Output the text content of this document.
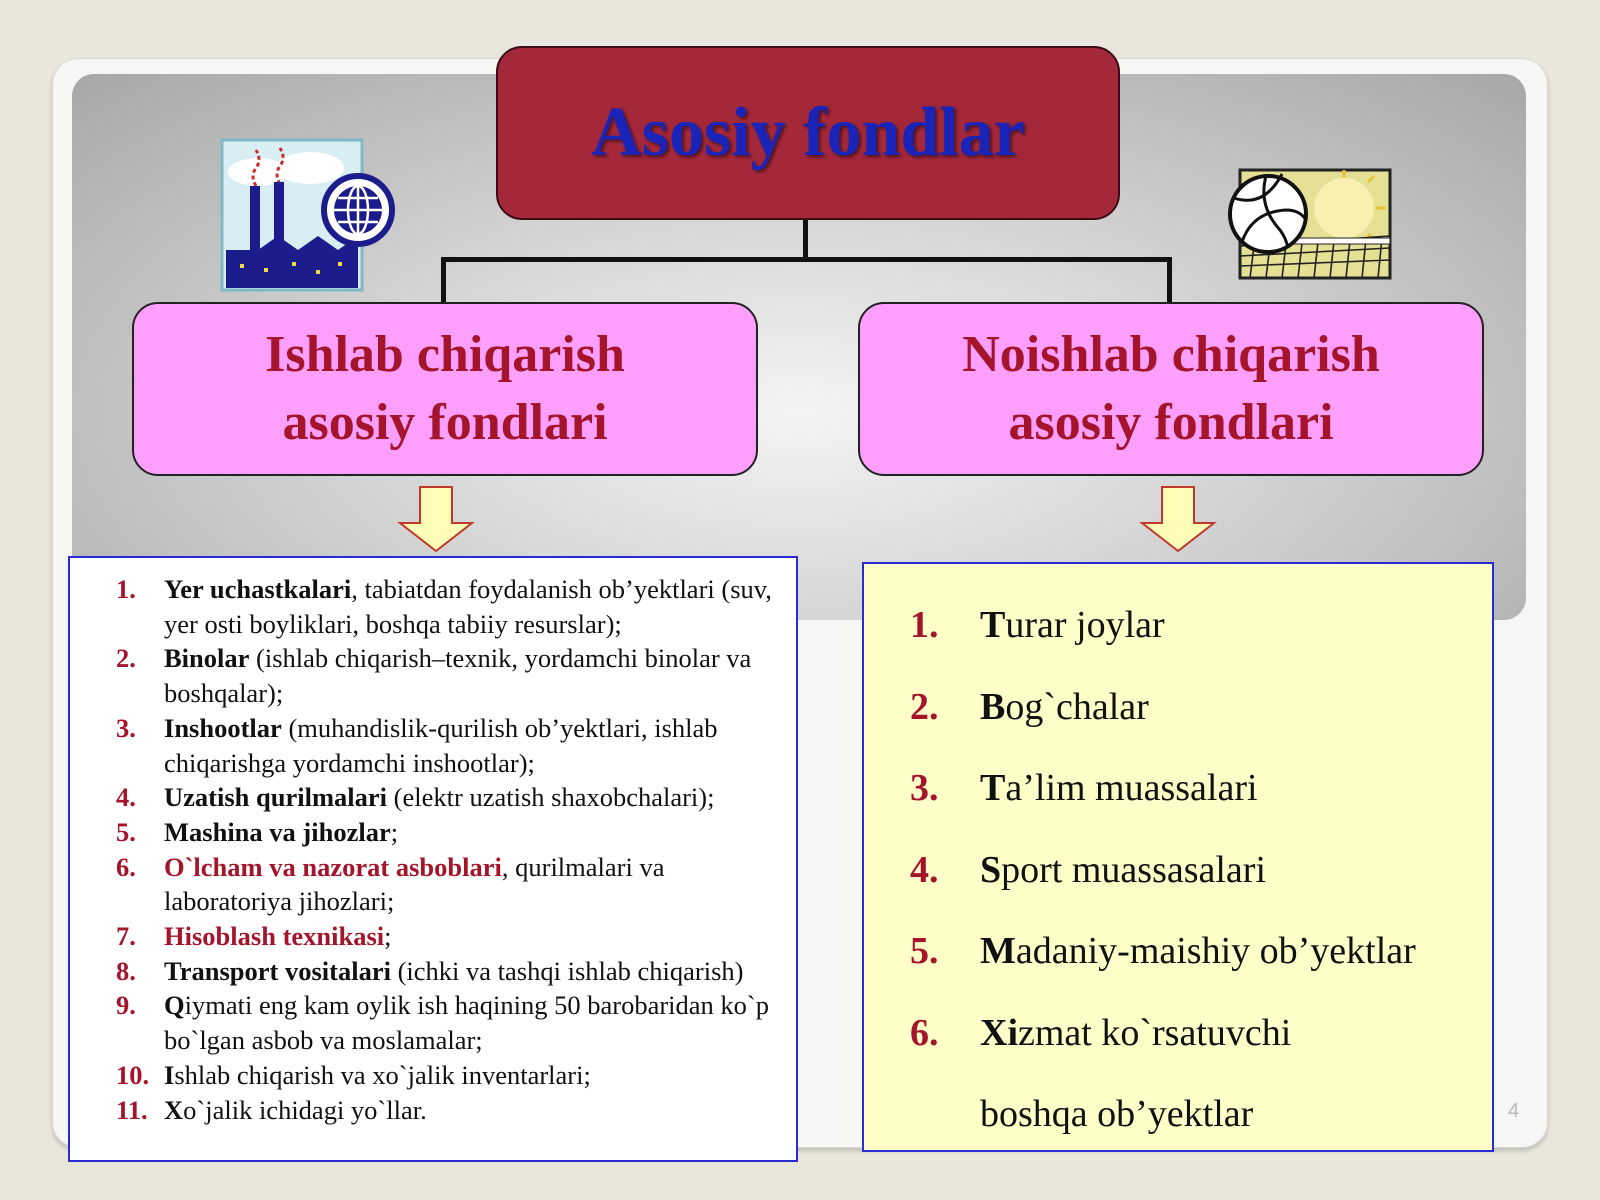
Asosiy fondlar
Ishlab chiqarish
asosiy fondlari
Noishlab chiqarish
asosiy fondlari
1.	Yer uchastkalari, tabiatdan foydalanish ob’yektlari (suv, yer osti boyliklari, boshqa tabiiy resurslar);
2.	Binolar (ishlab chiqarish–texnik, yordamchi binolar va boshqalar);
3.	Inshootlar (muhandislik-qurilish ob’yektlari, ishlab chiqarishga yordamchi inshootlar);
4.	Uzatish qurilmalari (elektr uzatish shaxobchalari);
5.	Mashina va jihozlar;
6.	O`lcham va nazorat asboblari, qurilmalari va laboratoriya jihozlari;
7.	Hisoblash texnikasi;
8.	Transport vositalari (ichki va tashqi ishlab chiqarish)
9.	Qiymati eng kam oylik ish haqining 50 barobaridan ko`p bo`lgan asbob va moslamalar;
10. Ishlab chiqarish va xo`jalik inventarlari;
11. Xo`jalik ichidagi yo`llar.
1.	Turar joylar
2.	Bog`chalar
3.	Ta’lim muassalari
4.	Sport muassasalari
5.	Madaniy-maishiy ob’yektlar
6.	Xizmat ko`rsatuvchi
boshqa ob’yektlar	4
